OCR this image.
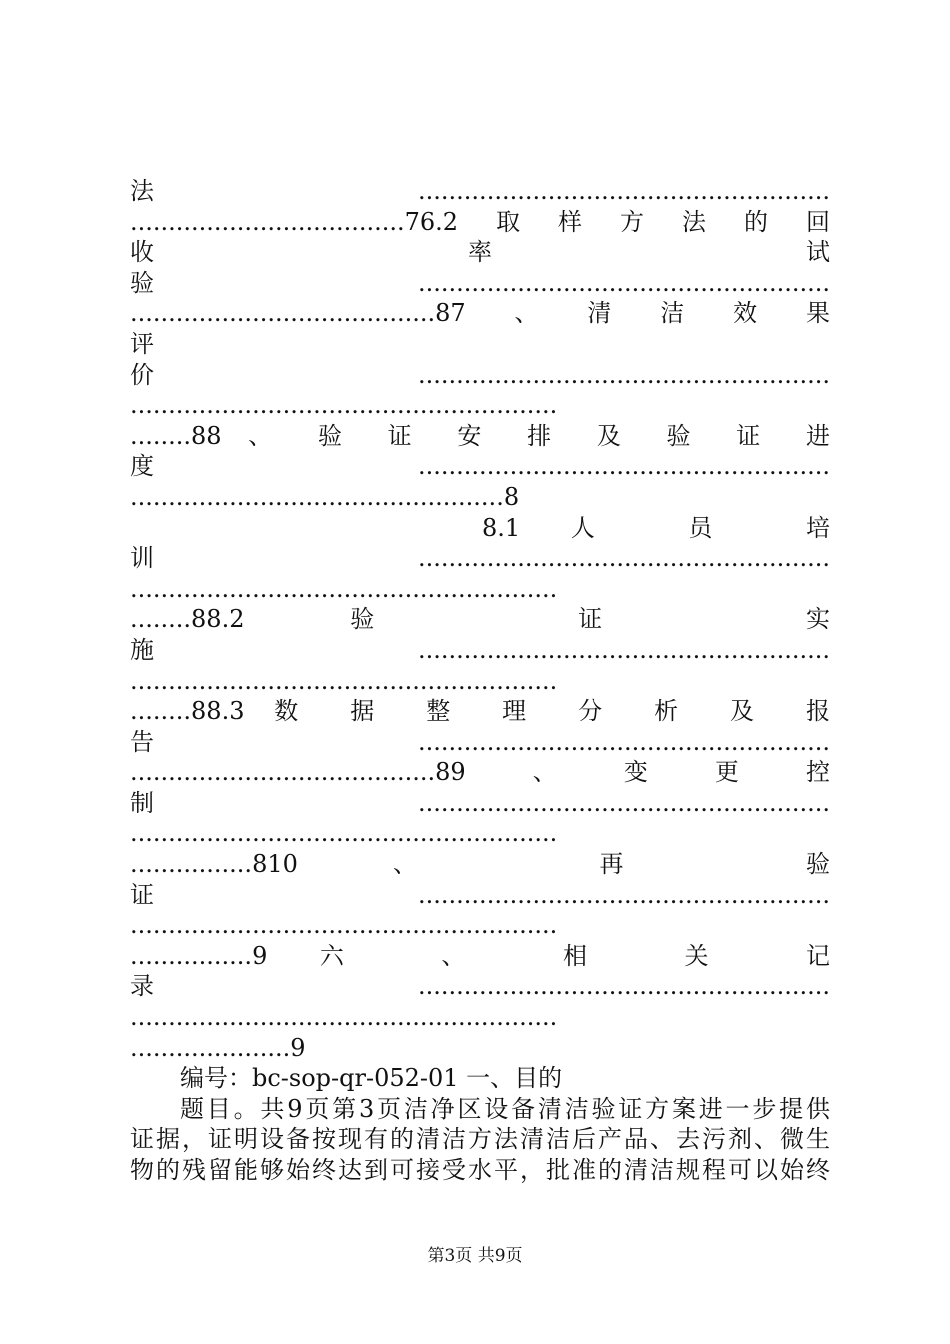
法......................................................
....................................76.2取样方法的回
收 率 试
验......................................................
........................................87、清洁效果
评
价......................................................
........................................................
........88 、 验 证 安 排 及 验 证 进
度......................................................
.................................................8
8.1 人 员 培
训......................................................
........................................................
........88.2 验 证 实
施......................................................
........................................................
........88.3 数 据 整 理 分 析 及 报
告......................................................
........................................89、变更控
制......................................................
........................................................
................810 、 再 验
证......................................................
........................................................
................9 六 、 相 关 记
录......................................................
........................................................
.....................9
编号：bc-sop-qr-052-01 一、目的
题目。共9页第3页洁净区设备清洁验证方案进一步提供
证据，证明设备按现有的清洁方法清洁后产品、去污剂、微生
物的残留能够始终达到可接受水平，批准的清洁规程可以始终
第3页 共9页
